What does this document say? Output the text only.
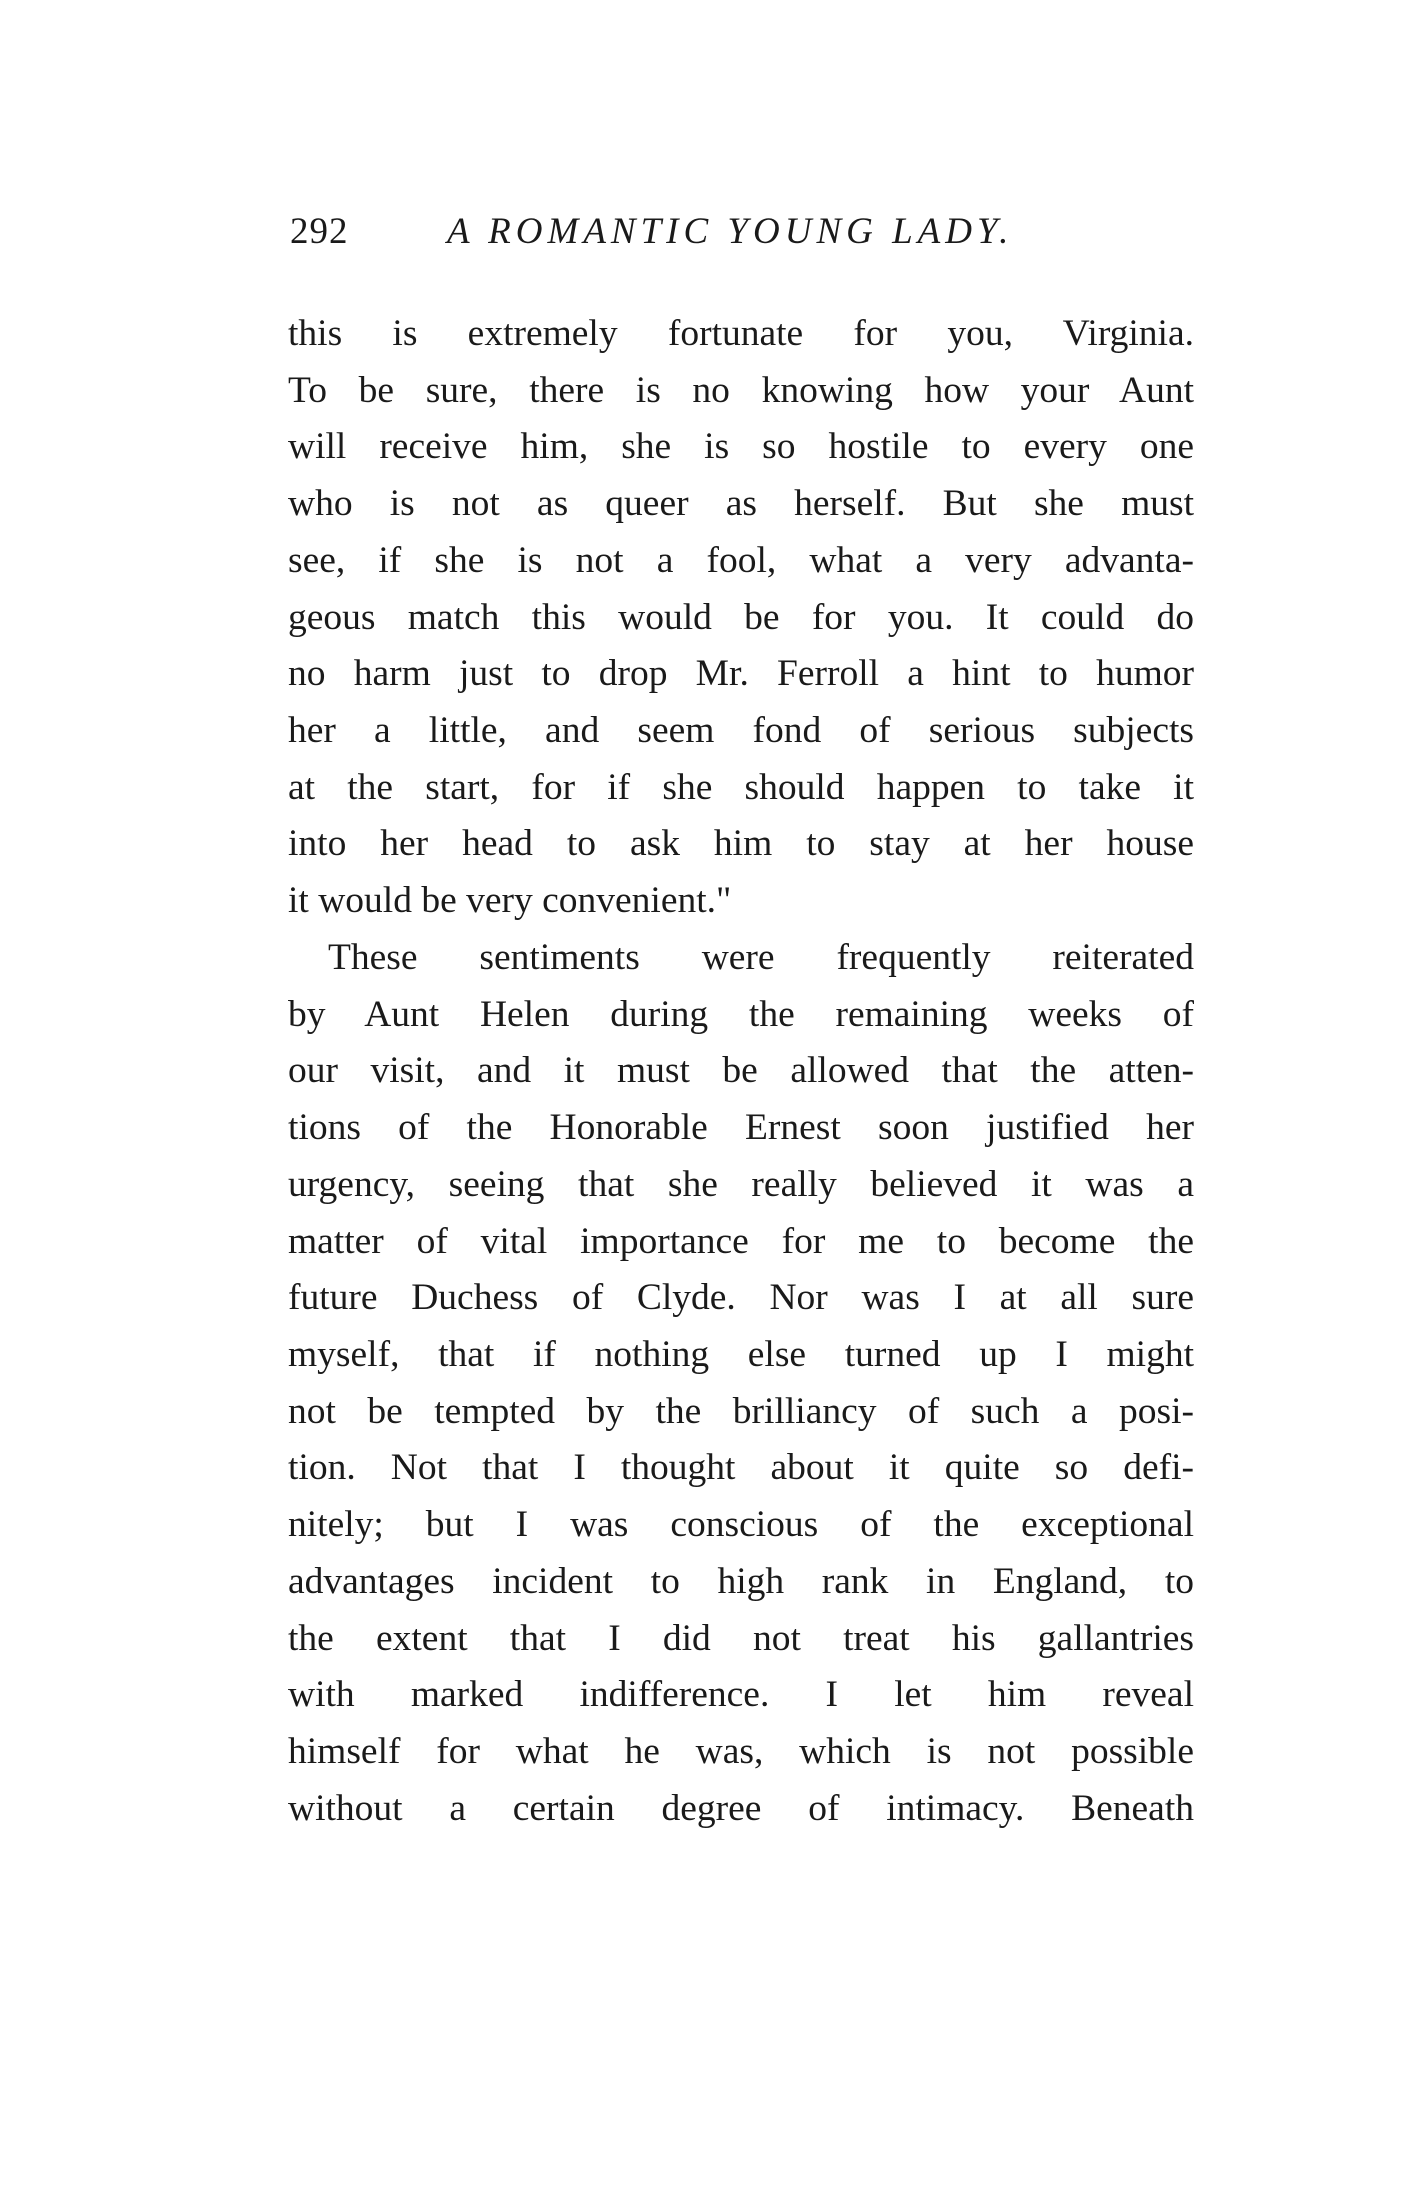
292	A ROMANTIC YOUNG LADY.
this is extremely fortunate for you, Virginia.
To be sure, there is no knowing how your Aunt
will receive him, she is so hostile to every one
who is not as queer as herself. But she must
see, if she is not a fool, what a very advanta-
geous match this would be for you. It could do
no harm just to drop Mr. Ferroll a hint to humor
her a little, and seem fond of serious subjects
at the start, for if she should happen to take it
into her head to ask him to stay at her house
it would be very convenient."
These sentiments were frequently reiterated
by Aunt Helen during the remaining weeks of
our visit, and it must be allowed that the atten-
tions of the Honorable Ernest soon justified her
urgency, seeing that she really believed it was a
matter of vital importance for me to become the
future Duchess of Clyde. Nor was I at all sure
myself, that if nothing else turned up I might
not be tempted by the brilliancy of such a posi-
tion. Not that I thought about it quite so defi-
nitely; but I was conscious of the exceptional
advantages incident to high rank in England, to
the extent that I did not treat his gallantries
with marked indifference. I let him reveal
himself for what he was, which is not possible
without a certain degree of intimacy. Beneath
